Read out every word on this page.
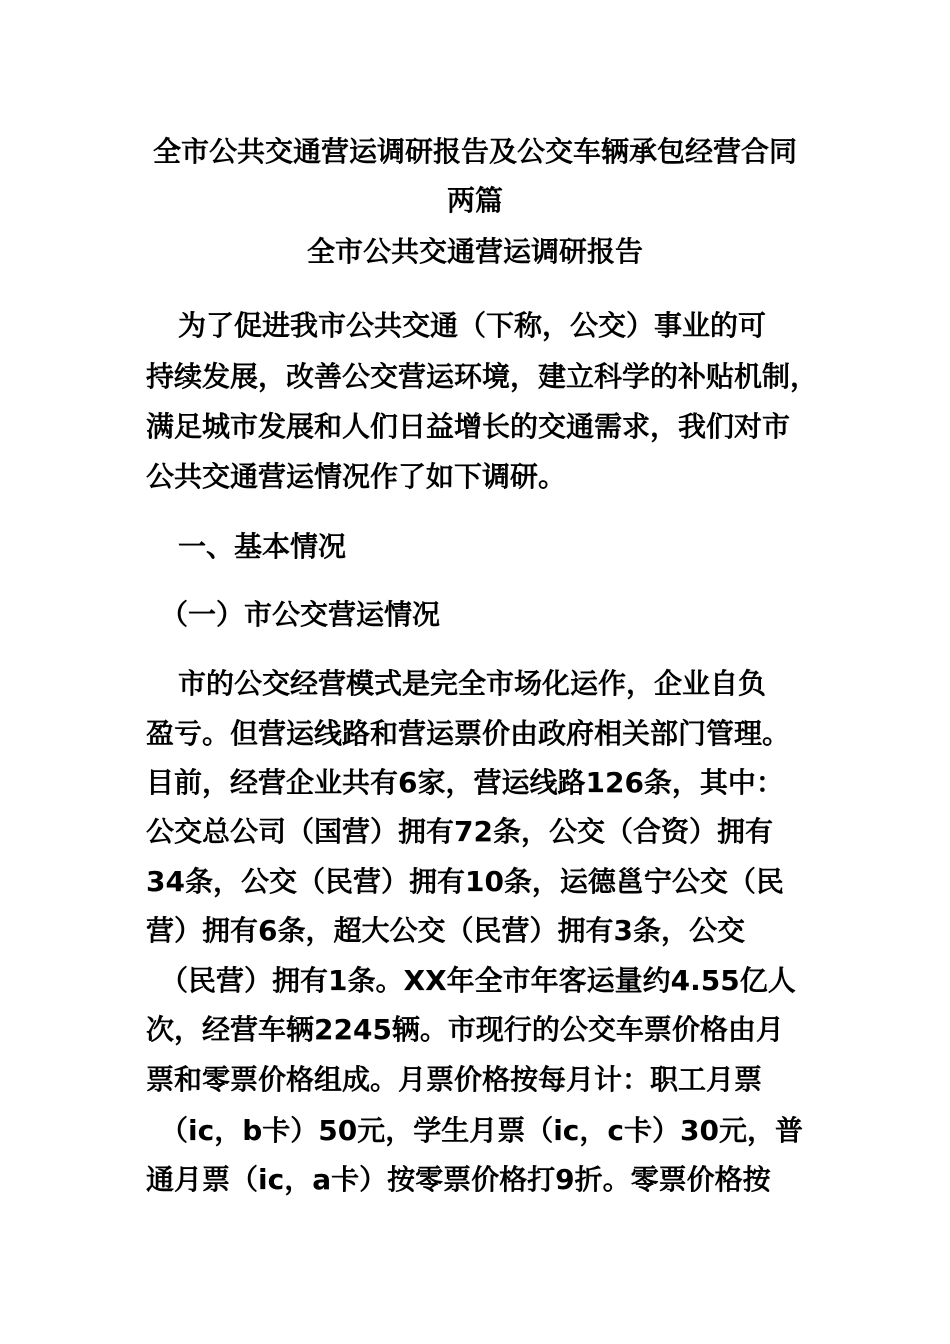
全市公共交通营运调研报告及公交车辆承包经营合同
两篇
全市公共交通营运调研报告
为了促进我市公共交通（下称，公交）事业的可
持续发展，改善公交营运环境，建立科学的补贴机制，
满足城市发展和人们日益增长的交通需求，我们对市
公共交通营运情况作了如下调研。
一、基本情况
（一）市公交营运情况
市的公交经营模式是完全市场化运作，企业自负
盈亏。但营运线路和营运票价由政府相关部门管理。
目前，经营企业共有6家，营运线路126条，其中：
公交总公司（国营）拥有72条，公交（合资）拥有
34条，公交（民营）拥有10条，运德邕宁公交（民
营）拥有6条，超大公交（民营）拥有3条，公交
（民营）拥有1条。XX年全市年客运量约4.55亿人
次，经营车辆2245辆。市现行的公交车票价格由月
票和零票价格组成。月票价格按每月计：职工月票
（ic，b卡）50元，学生月票（ic，c卡）30元，普
通月票（ic，a卡）按零票价格打9折。零票价格按
